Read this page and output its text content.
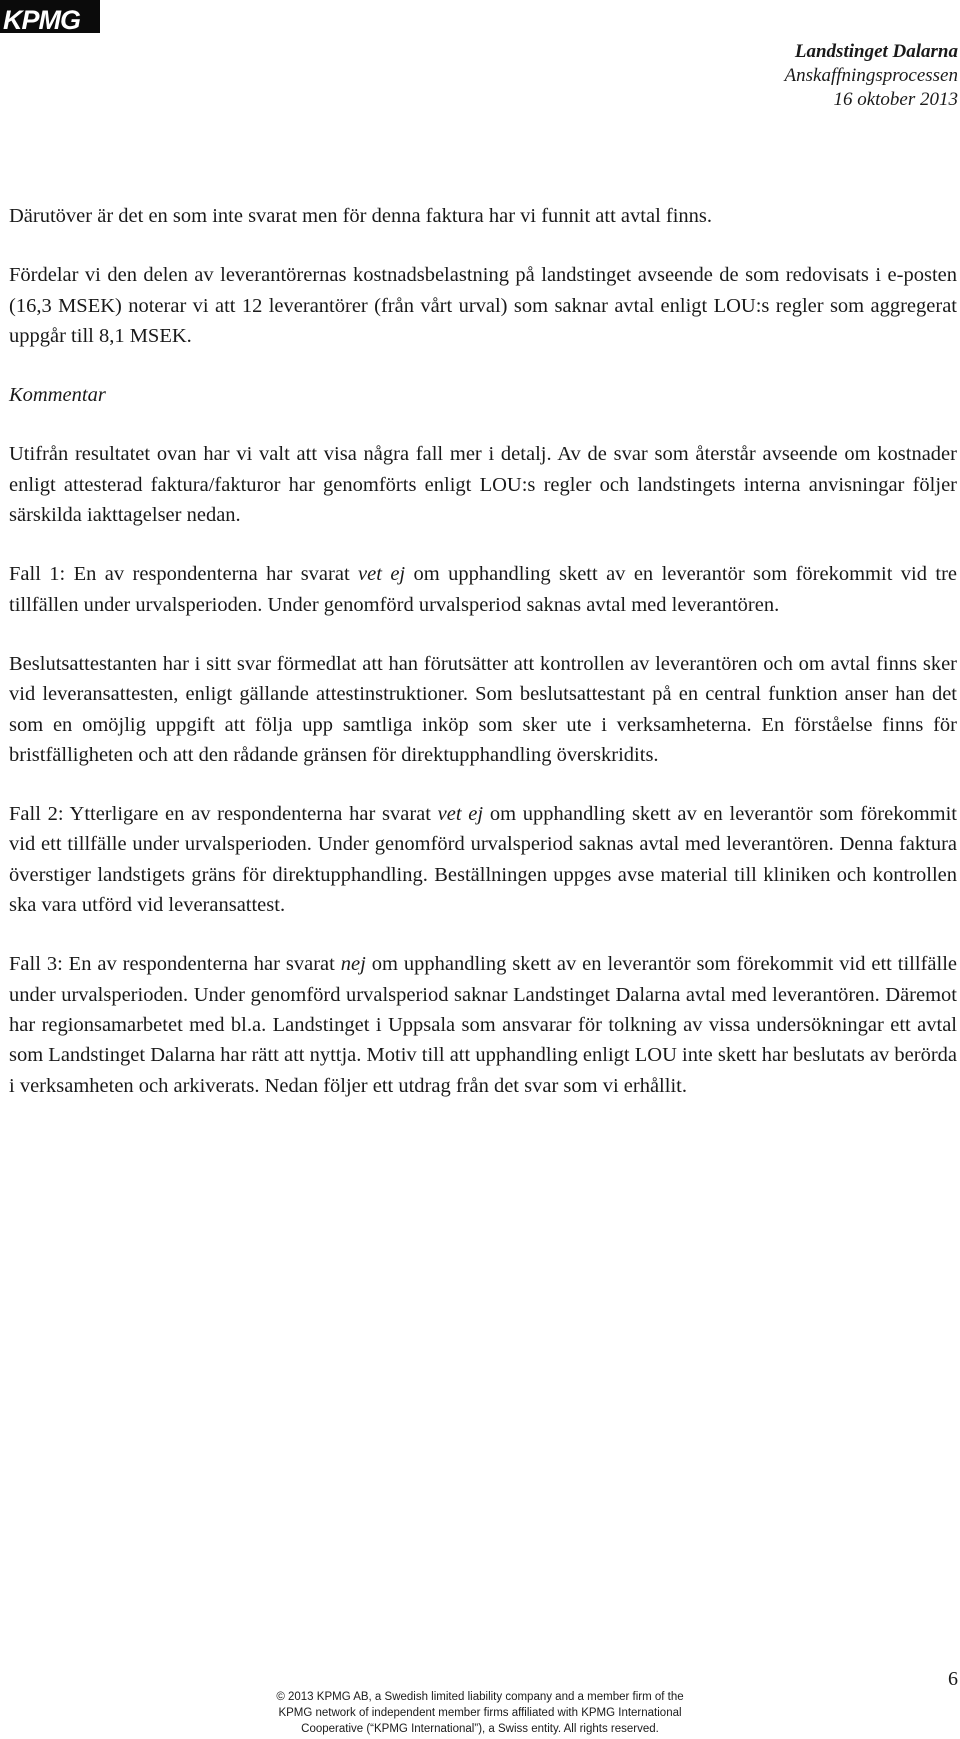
KPMG
Landstinget Dalarna
Anskaffningsprocessen
16 oktober 2013

Därutöver är det en som inte svarat men för denna faktura har vi funnit att avtal finns.

Fördelar vi den delen av leverantörernas kostnadsbelastning på landstinget avseende de som redovisats i e-posten (16,3 MSEK) noterar vi att 12 leverantörer (från vårt urval) som saknar avtal enligt LOU:s regler som aggregerat uppgår till 8,1 MSEK.

Kommentar

Utifrån resultatet ovan har vi valt att visa några fall mer i detalj. Av de svar som återstår avseende om kostnader enligt attesterad faktura/fakturor har genomförts enligt LOU:s regler och landstingets interna anvisningar följer särskilda iakttagelser nedan.

Fall 1: En av respondenterna har svarat vet ej om upphandling skett av en leverantör som förekommit vid tre tillfällen under urvalsperioden. Under genomförd urvalsperiod saknas avtal med leverantören.

Beslutsattestanten har i sitt svar förmedlat att han förutsätter att kontrollen av leverantören och om avtal finns sker vid leveransattesten, enligt gällande attestinstruktioner. Som beslutsattestant på en central funktion anser han det som en omöjlig uppgift att följa upp samtliga inköp som sker ute i verksamheterna. En förståelse finns för bristfälligheten och att den rådande gränsen för direktupphandling överskridits.

Fall 2: Ytterligare en av respondenterna har svarat vet ej om upphandling skett av en leverantör som förekommit vid ett tillfälle under urvalsperioden. Under genomförd urvalsperiod saknas avtal med leverantören. Denna faktura överstiger landstigets gräns för direktupphandling. Beställningen uppges avse material till kliniken och kontrollen ska vara utförd vid leveransattest.

Fall 3: En av respondenterna har svarat nej om upphandling skett av en leverantör som förekommit vid ett tillfälle under urvalsperioden. Under genomförd urvalsperiod saknar Landstinget Dalarna avtal med leverantören. Däremot har regionsamarbetet med bl.a. Landstinget i Uppsala som ansvarar för tolkning av vissa undersökningar ett avtal som Landstinget Dalarna har rätt att nyttja. Motiv till att upphandling enligt LOU inte skett har beslutats av berörda i verksamheten och arkiverats. Nedan följer ett utdrag från det svar som vi erhållit.

6
© 2013 KPMG AB, a Swedish limited liability company and a member firm of the
KPMG network of independent member firms affiliated with KPMG International
Cooperative (“KPMG International”), a Swiss entity. All rights reserved.
